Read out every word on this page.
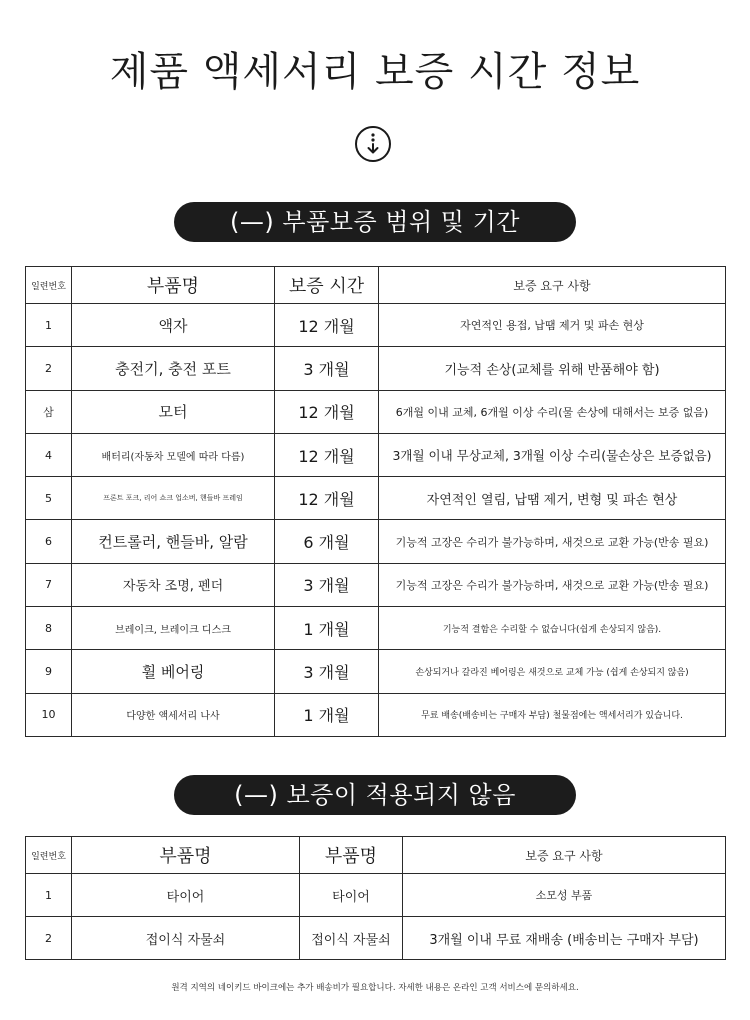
제품 액세서리 보증 시간 정보
(—) 부품보증 범위 및 기간
일련번호	부품명	보증 시간	보증 요구 사항
1	액자	12 개월	자연적인 용접, 납땜 제거 및 파손 현상
2	충전기, 충전 포트	3 개월	기능적 손상(교체를 위해 반품해야 함)
삼	모터	12 개월	6개월 이내 교체, 6개월 이상 수리(물 손상에 대해서는 보증 없음)
4	배터리(자동차 모델에 따라 다름)	12 개월	3개월 이내 무상교체, 3개월 이상 수리(물손상은 보증없음)
5	프론트 포크, 리어 쇼크 업소버, 핸들바 프레임	12 개월	자연적인 열림, 납땜 제거, 변형 및 파손 현상
6	컨트롤러, 핸들바, 알람	6 개월	기능적 고장은 수리가 불가능하며, 새것으로 교환 가능(반송 필요)
7	자동차 조명, 펜더	3 개월	기능적 고장은 수리가 불가능하며, 새것으로 교환 가능(반송 필요)
8	브레이크, 브레이크 디스크	1 개월	기능적 결함은 수리할 수 없습니다(쉽게 손상되지 않음).
9	휠 베어링	3 개월	손상되거나 갈라진 베어링은 새것으로 교체 가능 (쉽게 손상되지 않음)
10	다양한 액세서리 나사	1 개월	무료 배송(배송비는 구매자 부담) 철물점에는 액세서리가 있습니다.
(—) 보증이 적용되지 않음
일련번호	부품명	부품명	보증 요구 사항
1	타이어	타이어	소모성 부품
2	접이식 자물쇠	접이식 자물쇠	3개월 이내 무료 재배송 (배송비는 구매자 부담)
원격 지역의 네이키드 바이크에는 추가 배송비가 필요합니다. 자세한 내용은 온라인 고객 서비스에 문의하세요.
